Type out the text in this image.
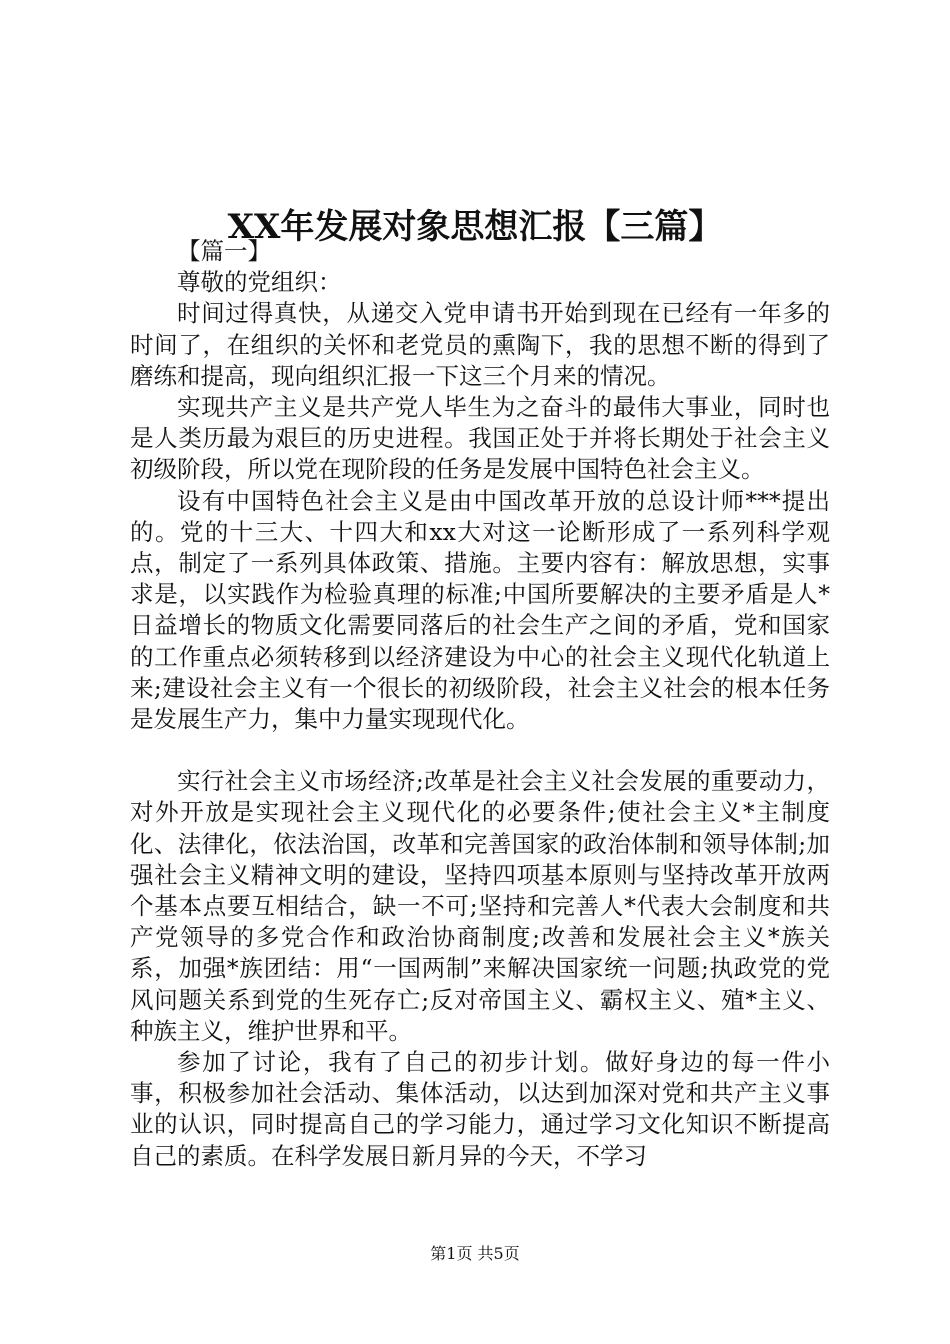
XX年发展对象思想汇报【三篇】

【篇一】

尊敬的党组织：

时间过得真快，从递交入党申请书开始到现在已经有一年多的时间了，在组织的关怀和老党员的熏陶下，我的思想不断的得到了磨练和提高，现向组织汇报一下这三个月来的情况。

实现共产主义是共产党人毕生为之奋斗的最伟大事业，同时也是人类历最为艰巨的历史进程。我国正处于并将长期处于社会主义初级阶段，所以党在现阶段的任务是发展中国特色社会主义。

设有中国特色社会主义是由中国改革开放的总设计师***提出的。党的十三大、十四大和xx大对这一论断形成了一系列科学观点，制定了一系列具体政策、措施。主要内容有：解放思想，实事求是，以实践作为检验真理的标准;中国所要解决的主要矛盾是人*日益增长的物质文化需要同落后的社会生产之间的矛盾，党和国家的工作重点必须转移到以经济建设为中心的社会主义现代化轨道上来;建设社会主义有一个很长的初级阶段，社会主义社会的根本任务是发展生产力，集中力量实现现代化。

实行社会主义市场经济;改革是社会主义社会发展的重要动力，对外开放是实现社会主义现代化的必要条件;使社会主义*主制度化、法律化，依法治国，改革和完善国家的政治体制和领导体制;加强社会主义精神文明的建设，坚持四项基本原则与坚持改革开放两个基本点要互相结合，缺一不可;坚持和完善人*代表大会制度和共产党领导的多党合作和政治协商制度;改善和发展社会主义*族关系，加强*族团结：用“一国两制”来解决国家统一问题;执政党的党风问题关系到党的生死存亡;反对帝国主义、霸权主义、殖*主义、种族主义，维护世界和平。

参加了讨论，我有了自己的初步计划。做好身边的每一件小事，积极参加社会活动、集体活动，以达到加深对党和共产主义事业的认识，同时提高自己的学习能力，通过学习文化知识不断提高自己的素质。在科学发展日新月异的今天，不学习

第1页 共5页
